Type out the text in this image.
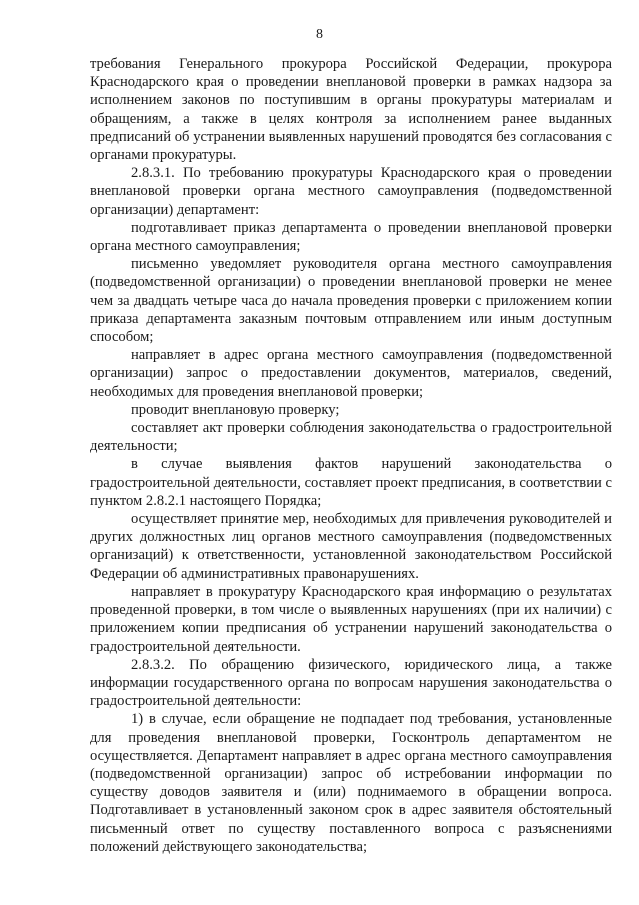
8

требования Генерального прокурора Российской Федерации, прокурора Краснодарского края о проведении внеплановой проверки в рамках надзора за исполнением законов по поступившим в органы прокуратуры материалам и обращениям, а также в целях контроля за исполнением ранее выданных предписаний об устранении выявленных нарушений проводятся без согласования с органами прокуратуры.

2.8.3.1. По требованию прокуратуры Краснодарского края о проведении внеплановой проверки органа местного самоуправления (подведомственной организации) департамент:

подготавливает приказ департамента о проведении внеплановой проверки органа местного самоуправления;

письменно уведомляет руководителя органа местного самоуправления (подведомственной организации) о проведении внеплановой проверки не менее чем за двадцать четыре часа до начала проведения проверки с приложением копии приказа департамента заказным почтовым отправлением или иным доступным способом;

направляет в адрес органа местного самоуправления (подведомственной организации) запрос о предоставлении документов, материалов, сведений, необходимых для проведения внеплановой проверки;

проводит внеплановую проверку;

составляет акт проверки соблюдения законодательства о градостроительной деятельности;

в случае выявления фактов нарушений законодательства о градостроительной деятельности, составляет проект предписания, в соответствии с пунктом 2.8.2.1 настоящего Порядка;

осуществляет принятие мер, необходимых для привлечения руководителей и других должностных лиц органов местного самоуправления (подведомственных организаций) к ответственности, установленной законодательством Российской Федерации об административных правонарушениях.

направляет в прокуратуру Краснодарского края информацию о результатах проведенной проверки, в том числе о выявленных нарушениях (при их наличии) с приложением копии предписания об устранении нарушений законодательства о градостроительной деятельности.

2.8.3.2. По обращению физического, юридического лица, а также информации государственного органа по вопросам нарушения законодательства о градостроительной деятельности:

1) в случае, если обращение не подпадает под требования, установленные для проведения внеплановой проверки, Госконтроль департаментом не осуществляется. Департамент направляет в адрес органа местного самоуправления (подведомственной организации) запрос об истребовании информации по существу доводов заявителя и (или) поднимаемого в обращении вопроса. Подготавливает в установленный законом срок в адрес заявителя обстоятельный письменный ответ по существу поставленного вопроса с разъяснениями положений действующего законодательства;
